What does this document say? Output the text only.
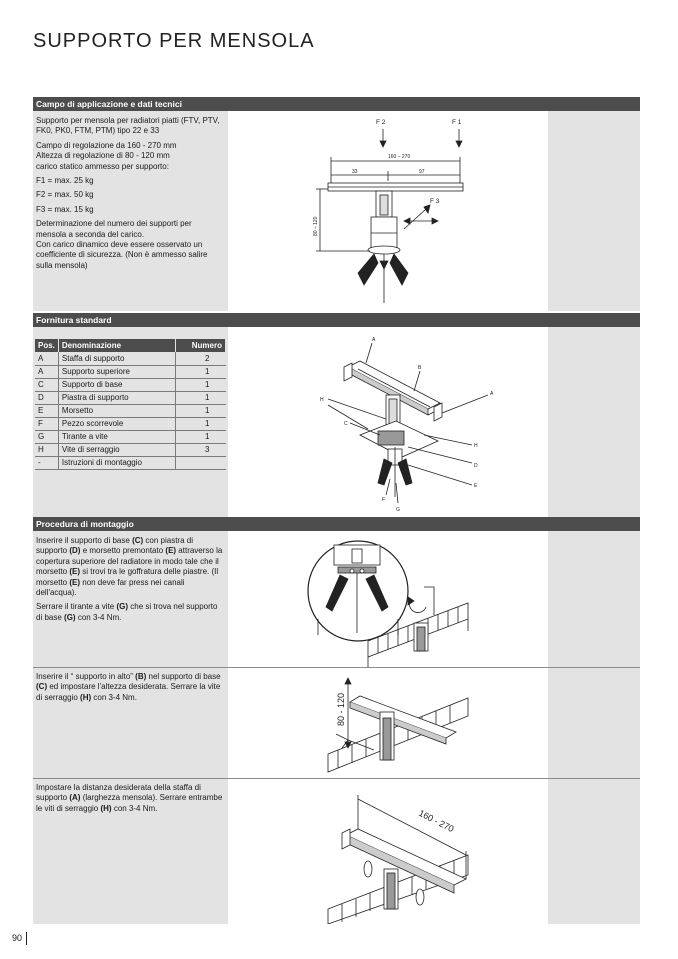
SUPPORTO PER MENSOLA
Campo di applicazione e dati tecnici

Supporto per mensola per radiatori piatti (FTV, PTV, FK0, PK0, FTM, PTM) tipo 22 e 33

Campo di regolazione da 160 - 270 mm
Altezza di regolazione di 80 - 120 mm
carico statico ammesso per supporto:

F1 = max. 25 kg

F2 = max. 50 kg

F3 = max. 15 kg

Determinazione del numero dei supporti per mensola a seconda del carico.
Con carico dinamico deve essere osservato un coefficiente di sicurezza. (Non è ammesso salire sulla mensola)

F 2	F 1
F 3
160 – 270
33	97
80 – 120
Fornitura standard
Pos.	Denominazione	Numero
A	Staffa di supporto	2
A	Supporto superiore	1
C	Supporto di base	1
D	Piastra di supporto	1
E	Morsetto	1
F	Pezzo scorrevole	1
G	Tirante a vite	1
H	Vite di serraggio	3
-	Istruzioni di montaggio	
A
B
A
H
C
H
D
E
F
G
Procedura di montaggio

Inserire il supporto di base (C) con piastra di supporto (D) e morsetto premontato (E) attraverso la copertura superiore del radiatore in modo tale che il morsetto (E) si trovi tra le goffratura delle piastre. (Il morsetto (E) non deve far press nei canali dell'acqua).

Serrare il tirante a vite (G) che si trova nel supporto di base (G) con 3-4 Nm.

Inserire il “ supporto in alto” (B) nel supporto di base (C) ed impostare l'altezza desiderata. Serrare la vite di serraggio (H) con 3-4 Nm.

Impostare la distanza desiderata della staffa di supporto (A) (larghezza mensola). Serrare entrambe le viti di serraggio (H) con 3-4 Nm.

80 - 120
160 - 270
90
